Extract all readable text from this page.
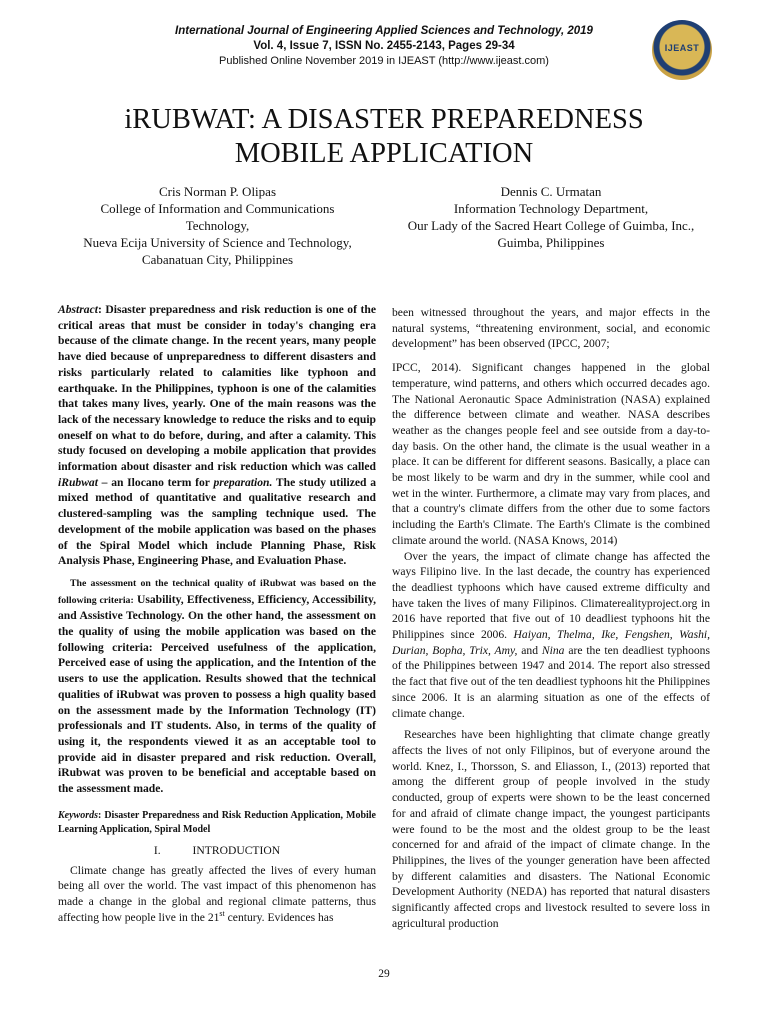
International Journal of Engineering Applied Sciences and Technology, 2019
Vol. 4, Issue 7, ISSN No. 2455-2143, Pages 29-34
Published Online November 2019 in IJEAST (http://www.ijeast.com)
IJEAST
iRUBWAT: A DISASTER PREPAREDNESS
MOBILE APPLICATION
Cris Norman P. Olipas
College of Information and Communications
Technology,
Nueva Ecija University of Science and Technology,
Cabanatuan City, Philippines
Dennis C. Urmatan
Information Technology Department,
Our Lady of the Sacred Heart College of Guimba, Inc.,
Guimba, Philippines

Abstract: Disaster preparedness and risk reduction is one of the critical areas that must be consider in today's changing era because of the climate change. In the recent years, many people have died because of unpreparedness to different disasters and risks particularly related to calamities like typhoon and earthquake. In the Philippines, typhoon is one of the calamities that takes many lives, yearly. One of the main reasons was the lack of the necessary knowledge to reduce the risks and to equip oneself on what to do before, during, and after a calamity. This study focused on developing a mobile application that provides information about disaster and risk reduction which was called iRubwat – an Ilocano term for preparation. The study utilized a mixed method of quantitative and qualitative research and clustered-sampling was the sampling technique used. The development of the mobile application was based on the phases of the Spiral Model which include Planning Phase, Risk Analysis Phase, Engineering Phase, and Evaluation Phase.

The assessment on the technical quality of iRubwat was based on the following criteria: Usability, Effectiveness, Efficiency, Accessibility, and Assistive Technology. On the other hand, the assessment on the quality of using the mobile application was based on the following criteria: Perceived usefulness of the application, Perceived ease of using the application, and the Intention of the users to use the application. Results showed that the technical qualities of iRubwat was proven to possess a high quality based on the assessment made by the Information Technology (IT) professionals and IT students. Also, in terms of the quality of using it, the respondents viewed it as an acceptable tool to provide aid in disaster prepared and risk reduction. Overall, iRubwat was proven to be beneficial and acceptable based on the assessment made.

Keywords: Disaster Preparedness and Risk Reduction Application, Mobile Learning Application, Spiral Model

I.	INTRODUCTION

Climate change has greatly affected the lives of every human being all over the world. The vast impact of this phenomenon has made a change in the global and regional climate patterns, thus affecting how people live in the 21st century. Evidences has

been witnessed throughout the years, and major effects in the natural systems, “threatening environment, social, and economic development” has been observed (IPCC, 2007;

IPCC, 2014). Significant changes happened in the global temperature, wind patterns, and others which occurred decades ago. The National Aeronautic Space Administration (NASA) explained the difference between climate and weather. NASA describes weather as the changes people feel and see outside from a day-to-day basis. On the other hand, the climate is the usual weather in a place. It can be different for different seasons. Basically, a place can be most likely to be warm and dry in the summer, while cool and wet in the winter. Furthermore, a climate may vary from places, and that a country's climate differs from the other due to some factors including the Earth's Climate. The Earth's Climate is the combined climate around the world. (NASA Knows, 2014)

Over the years, the impact of climate change has affected the ways Filipino live. In the last decade, the country has experienced the deadliest typhoons which have caused extreme difficulty and have taken the lives of many Filipinos. Climaterealityproject.org in 2016 have reported that five out of 10 deadliest typhoons hit the Philippines since 2006. Haiyan, Thelma, Ike, Fengshen, Washi, Durian, Bopha, Trix, Amy, and Nina are the ten deadliest typhoons of the Philippines between 1947 and 2014. The report also stressed the fact that five out of the ten deadliest typhoons hit the Philippines since 2006. It is an alarming situation as one of the effects of climate change.

Researches have been highlighting that climate change greatly affects the lives of not only Filipinos, but of everyone around the world. Knez, I., Thorsson, S. and Eliasson, I., (2013) reported that among the different group of people involved in the study conducted, group of experts were shown to be the least concerned for and afraid of climate change impact, the youngest participants were found to be the most and the oldest group to be the least concerned for and afraid of the impact of climate change. In the Philippines, the lives of the younger generation have been affected by different calamities and disasters. The National Economic Development Authority (NEDA) has reported that natural disasters significantly affected crops and livestock resulted to severe loss in agricultural production

29
